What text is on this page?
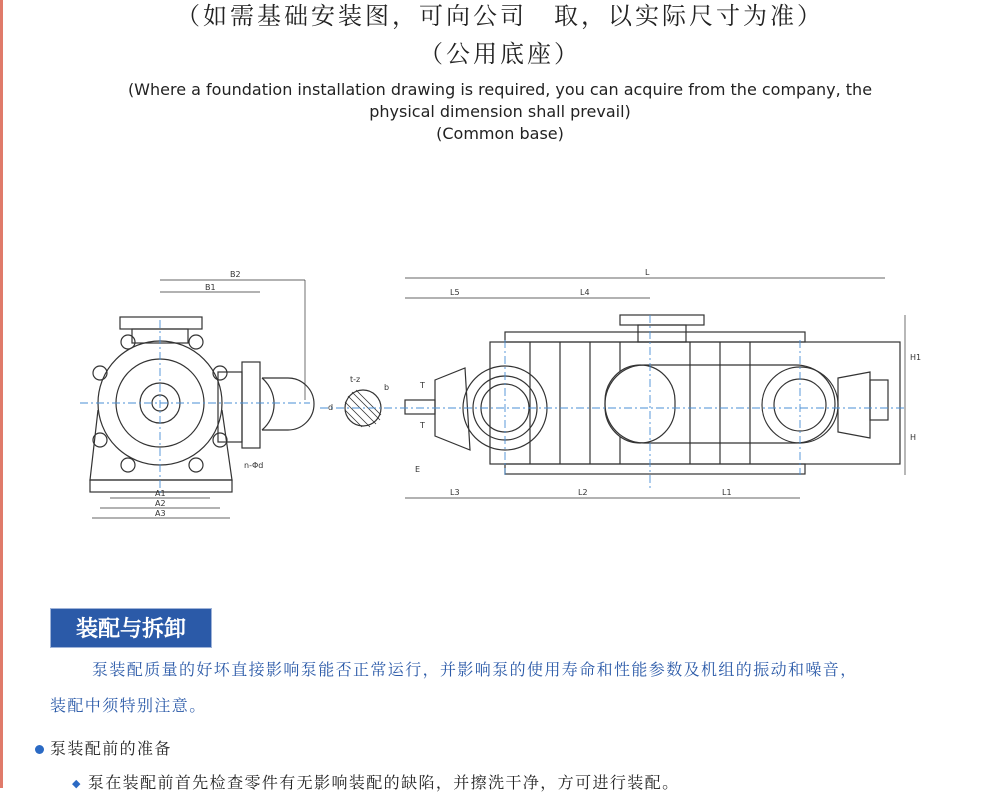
（如需基础安装图，可向公司　取，以实际尺寸为准）
（公用底座）
(Where a foundation installation drawing is required, you can acquire from the company, the
physical dimension shall prevail)
(Common base)
B2
B1
A1
A2
A3
n-Φd
t-z
d
b
L
L5	L4
L3	L2	L1
E
T
T
H1
H
装配与拆卸
泵装配质量的好坏直接影响泵能否正常运行，并影响泵的使用寿命和性能参数及机组的振动和噪音，
装配中须特别注意。
泵装配前的准备
◆ 泵在装配前首先检查零件有无影响装配的缺陷，并擦洗干净，方可进行装配。
